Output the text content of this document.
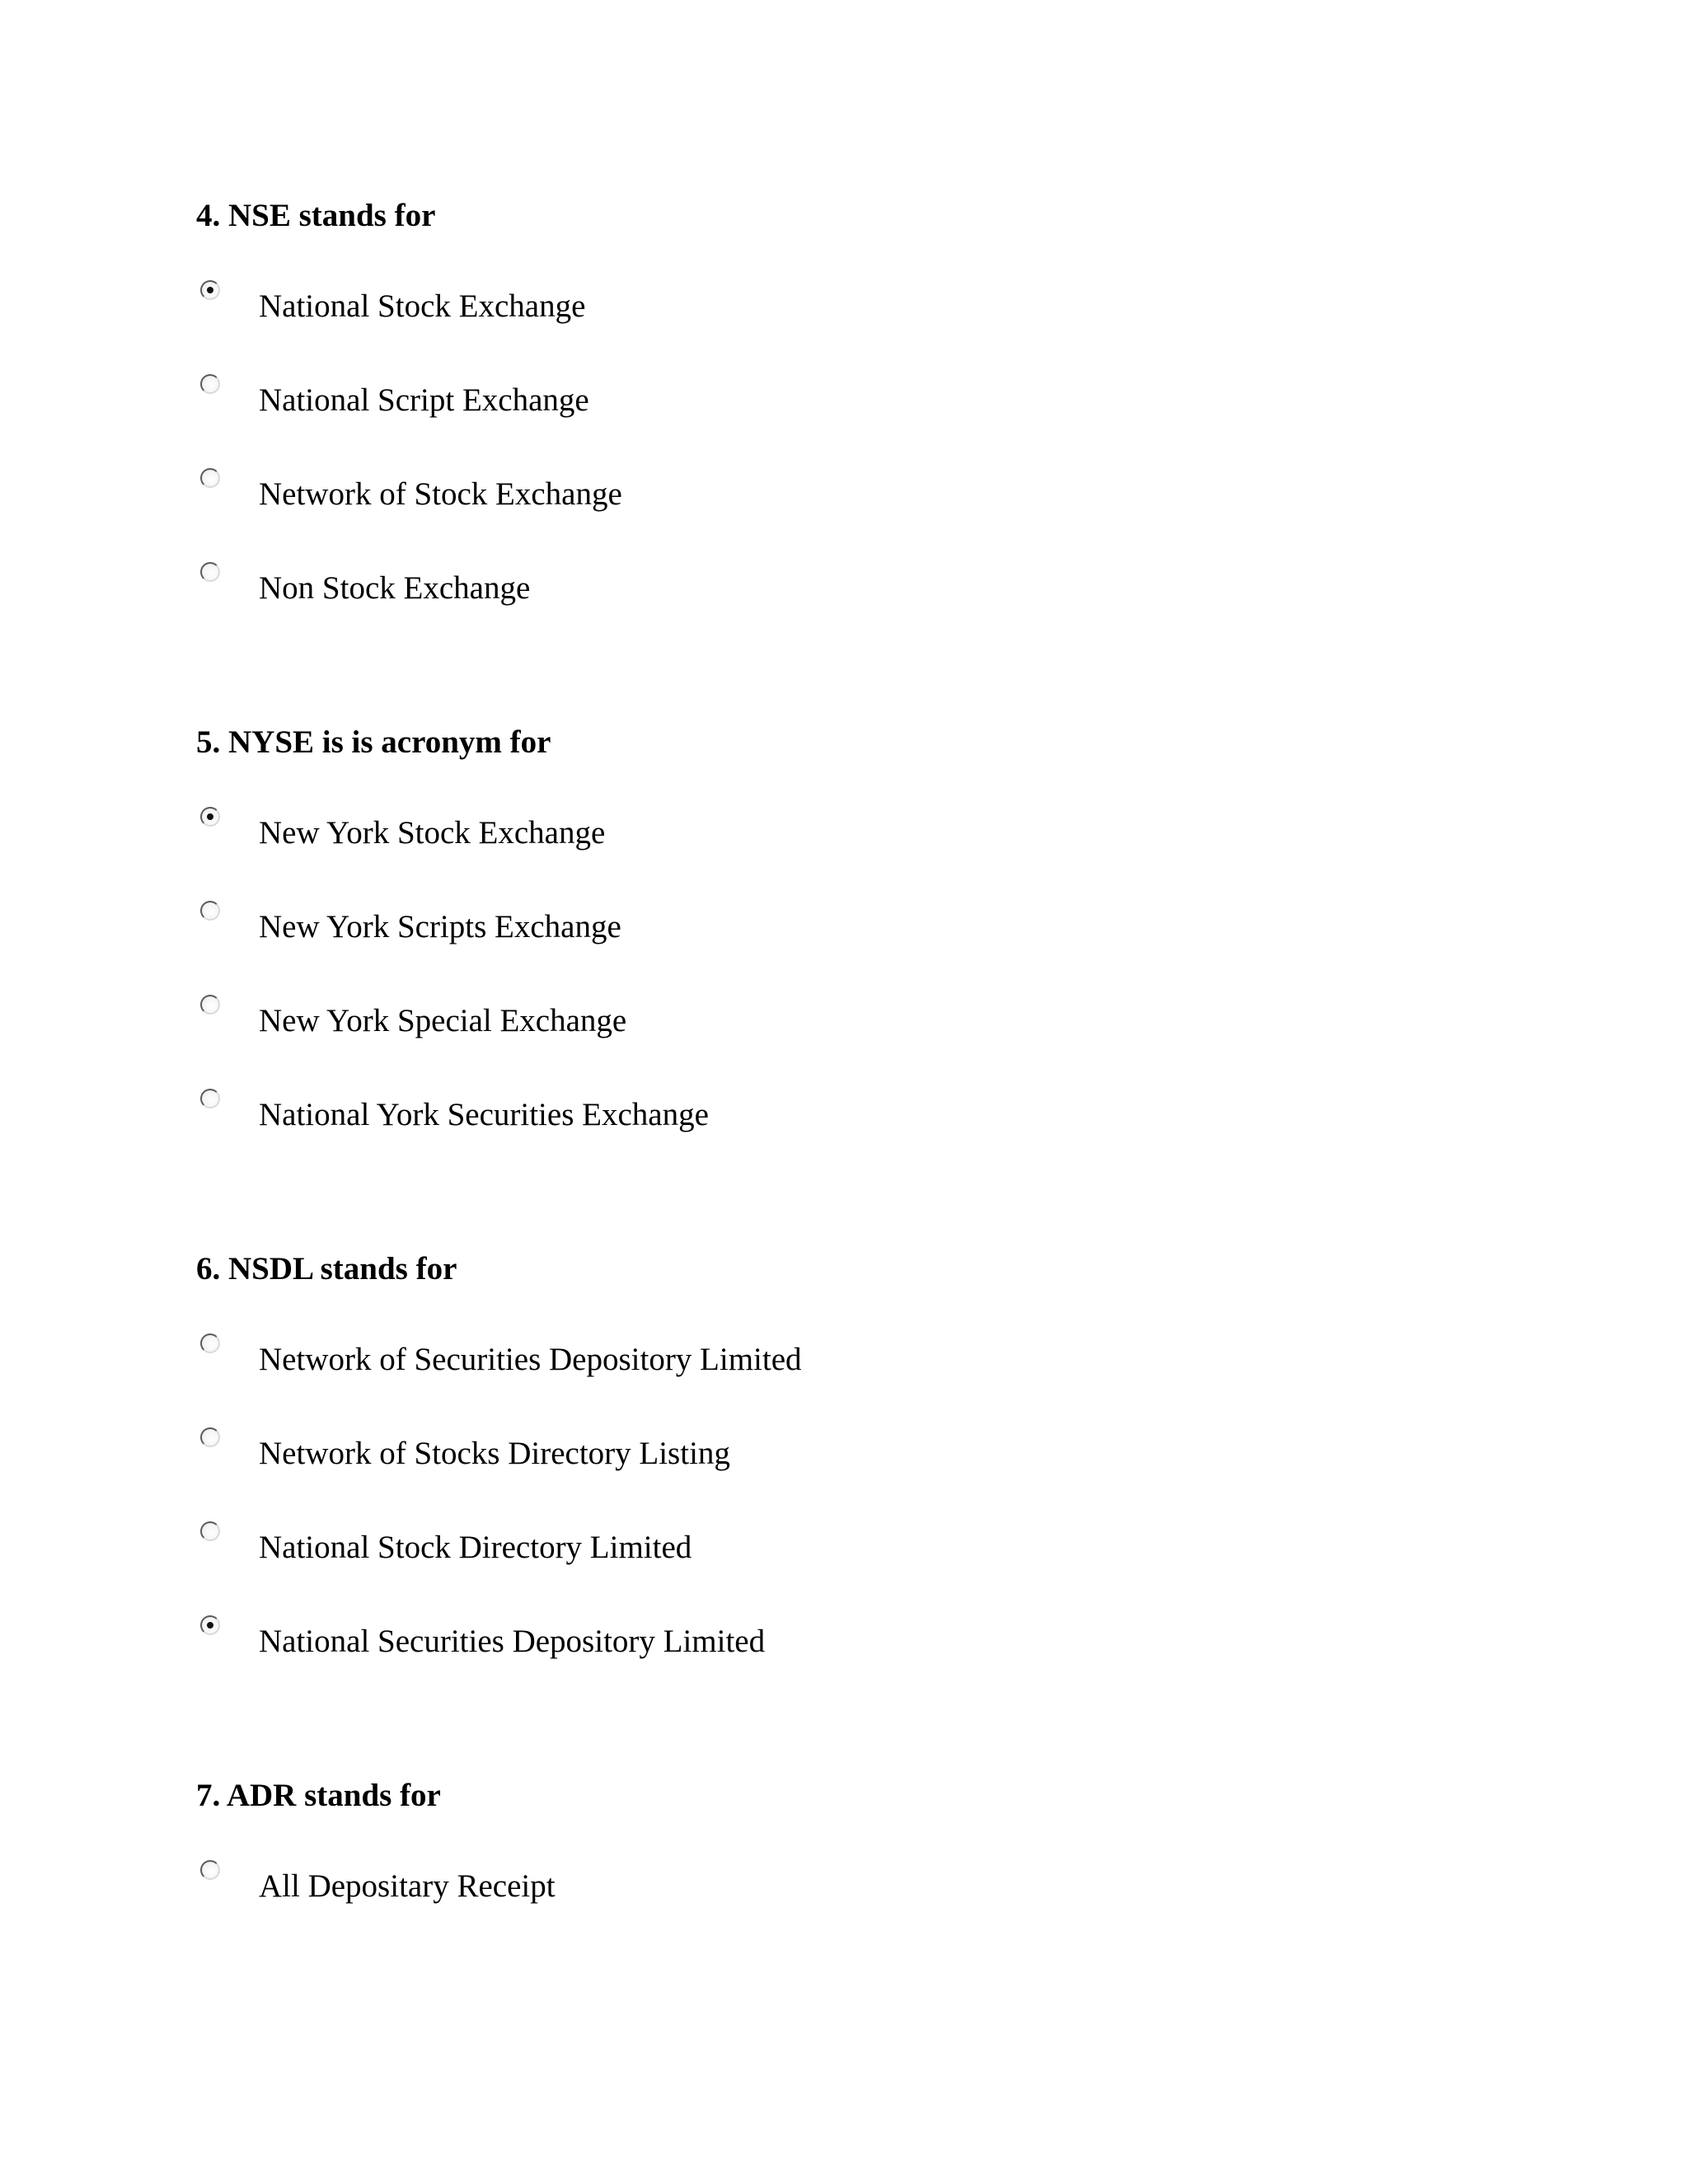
4. NSE stands for
National Stock Exchange
National Script Exchange
Network of Stock Exchange
Non Stock Exchange
5. NYSE is is acronym for
New York Stock Exchange
New York Scripts Exchange
New York Special Exchange
National York Securities Exchange
6. NSDL stands for
Network of Securities Depository Limited
Network of Stocks Directory Listing
National Stock Directory Limited
National Securities Depository Limited
7. ADR stands for
All Depositary Receipt
